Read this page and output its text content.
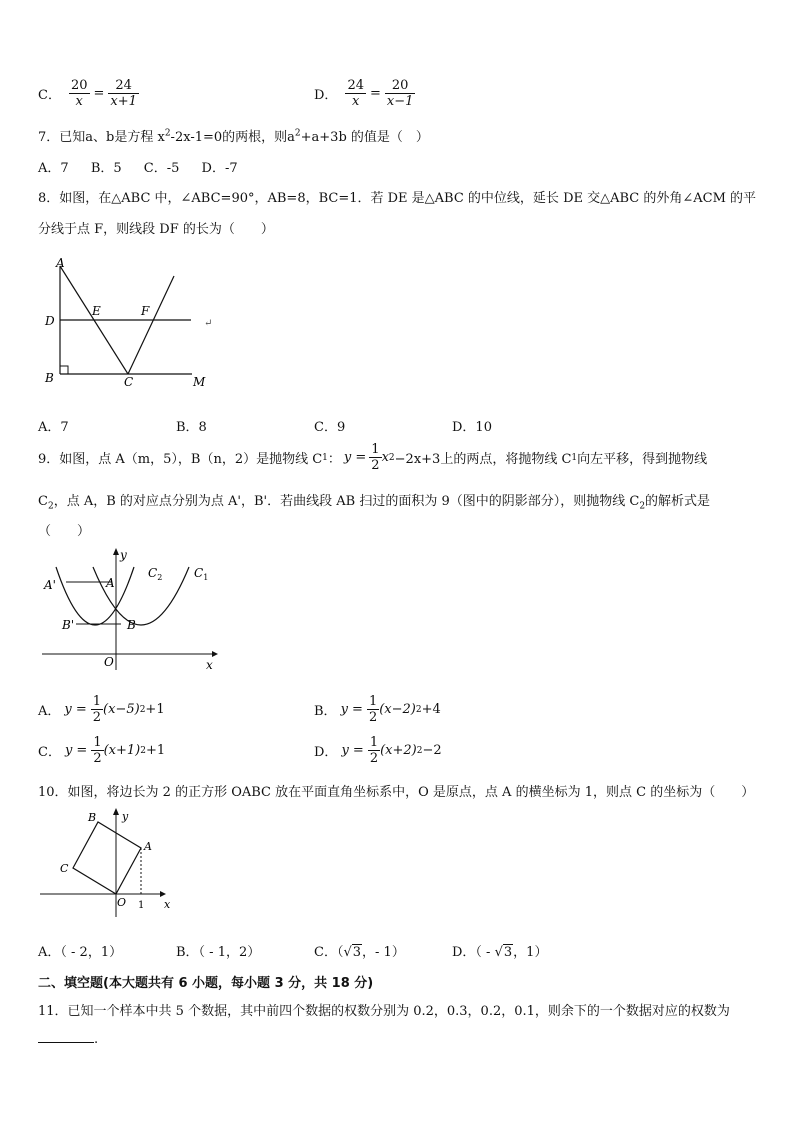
C． $\frac{20}{x} = \frac{24}{x+1}$	D． $\frac{24}{x} = \frac{20}{x-1}$
7．已知a、b是方程 $x^2-2x-1=0$的两根，则$a^2+a+3b$ 的值是（　）
A．7 B．5 C．-5 D．-7
8．如图，在△ABC 中，∠ABC=90°，AB=8，BC=1．若 DE 是△ABC 的中位线，延长 DE 交△ABC 的外角∠ACM 的平
分线于点 F，则线段 DF 的长为（　　）
A
D
B
E	F
C	M
↵
A．7	B．8	C．9	D．10
9．如图，点 A（m，5），B（n，2）是抛物线 C 1 ： $y = \frac{1}{2}$ x 2 −2x+3上的两点，将抛物线 C 1 向左平移，得到抛物线
$C_2$，点 A，B 的对应点分别为点 A'，B'．若曲线段 AB 扫过的面积为 9（图中的阴影部分），则抛物线 $C_2$的解析式是
（　　）
y
x
O
$C_2$	$C_1$
A'	A
B'	B
A． $y = \frac{1}{2} (x-5)$ 2 +1	B． $y = \frac{1}{2} (x-2)$ 2 +4
C． $y = \frac{1}{2} (x+1)$ 2 +1	D． $y = \frac{1}{2} (x+2)$ 2 −2
10．如图，将边长为 2 的正方形 OABC 放在平面直角坐标系中，O 是原点，点 A 的横坐标为 1，则点 C 的坐标为（　　）
B
C
A
O
y
x
1
A．（ - 2，1）	B．（ - 1，2）	C．（√3，- 1）	D．（ - √3，1）
二、填空题(本大题共有 6 小题，每小题 3 分，共 18 分)
11．已知一个样本中共 5 个数据，其中前四个数据的权数分别为 0.2，0.3，0.2，0.1，则余下的一个数据对应的权数为
.
